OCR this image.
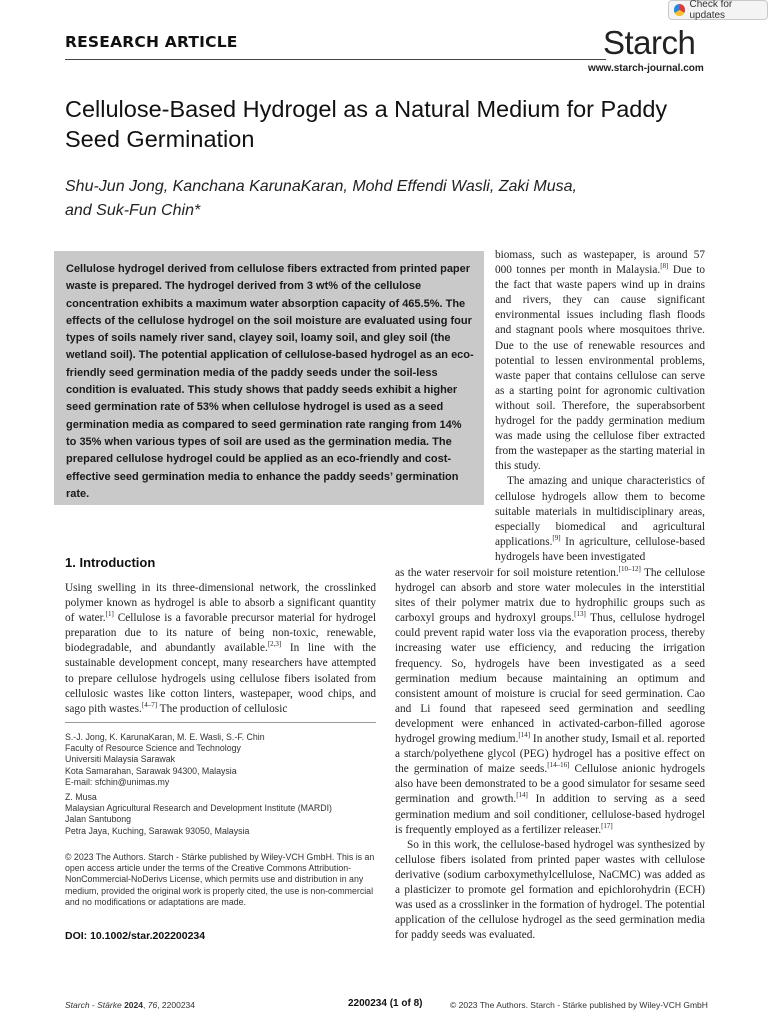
Check for updates
RESEARCH ARTICLE	Starch
www.starch-journal.com
Cellulose-Based Hydrogel as a Natural Medium for Paddy Seed Germination
Shu-Jun Jong, Kanchana KarunaKaran, Mohd Effendi Wasli, Zaki Musa,
and Suk-Fun Chin*
Cellulose hydrogel derived from cellulose fibers extracted from printed paper waste is prepared. The hydrogel derived from 3 wt% of the cellulose concentration exhibits a maximum water absorption capacity of 465.5%. The effects of the cellulose hydrogel on the soil moisture are evaluated using four types of soils namely river sand, clayey soil, loamy soil, and gley soil (the wetland soil). The potential application of cellulose-based hydrogel as an eco-friendly seed germination media of the paddy seeds under the soil-less condition is evaluated. This study shows that paddy seeds exhibit a higher seed germination rate of 53% when cellulose hydrogel is used as a seed germination media as compared to seed germination rate ranging from 14% to 35% when various types of soil are used as the germination media. The prepared cellulose hydrogel could be applied as an eco-friendly and cost-effective seed germination media to enhance the paddy seeds’ germination rate.
1. Introduction

Using swelling in its three-dimensional network, the crosslinked polymer known as hydrogel is able to absorb a significant quantity of water.[1] Cellulose is a favorable precursor material for hydrogel preparation due to its nature of being non-toxic, renewable, biodegradable, and abundantly available.[2,3] In line with the sustainable development concept, many researchers have attempted to prepare cellulose hydrogels using cellulose fibers isolated from cellulosic wastes like cotton linters, wastepaper, wood chips, and sago pith wastes.[4–7] The production of cellulosic

S.-J. Jong, K. KarunaKaran, M. E. Wasli, S.-F. Chin
Faculty of Resource Science and Technology
Universiti Malaysia Sarawak
Kota Samarahan, Sarawak 94300, Malaysia
E-mail: sfchin@unimas.my

Z. Musa
Malaysian Agricultural Research and Development Institute (MARDI)
Jalan Santubong
Petra Jaya, Kuching, Sarawak 93050, Malaysia

© 2023 The Authors. Starch - Stärke published by Wiley-VCH GmbH. This is an open access article under the terms of the Creative Commons Attribution-NonCommercial-NoDerivs License, which permits use and distribution in any medium, provided the original work is properly cited, the use is non-commercial and no modifications or adaptations are made.
DOI: 10.1002/star.202200234

biomass, such as wastepaper, is around 57 000 tonnes per month in Malaysia.[8] Due to the fact that waste papers wind up in drains and rivers, they can cause significant environmental issues including flash floods and stagnant pools where mosquitoes thrive. Due to the use of renewable resources and potential to lessen environmental problems, waste paper that contains cellulose can serve as a starting point for agronomic cultivation without soil. Therefore, the superabsorbent hydrogel for the paddy germination medium was made using the cellulose fiber extracted from the wastepaper as the starting material in this study.

The amazing and unique characteristics of cellulose hydrogels allow them to become suitable materials in multidisciplinary areas, especially biomedical and agricultural applications.[9] In agriculture, cellulose-based hydrogels have been investigated

as the water reservoir for soil moisture retention.[10–12] The cellulose hydrogel can absorb and store water molecules in the interstitial sites of their polymer matrix due to hydrophilic groups such as carboxyl groups and hydroxyl groups.[13] Thus, cellulose hydrogel could prevent rapid water loss via the evaporation process, thereby increasing water use efficiency, and reducing the irrigation frequency. So, hydrogels have been investigated as a seed germination medium because maintaining an optimum and consistent amount of moisture is crucial for seed germination. Cao and Li found that rapeseed seed germination and seedling development were enhanced in activated-carbon-filled agorose hydrogel growing medium.[14] In another study, Ismail et al. reported a starch/polyethene glycol (PEG) hydrogel has a positive effect on the germination of maize seeds.[14–16] Cellulose anionic hydrogels also have been demonstrated to be a good simulator for sesame seed germination and growth.[14] In addition to serving as a seed germination medium and soil conditioner, cellulose-based hydrogel is frequently employed as a fertilizer releaser.[17]

So in this work, the cellulose-based hydrogel was synthesized by cellulose fibers isolated from printed paper wastes with cellulose derivative (sodium carboxymethylcellulose, NaCMC) was added as a plasticizer to promote gel formation and epichlorohydrin (ECH) was used as a crosslinker in the formation of hydrogel. The potential application of the cellulose hydrogel as the seed germination media for paddy seeds was evaluated.

Starch - Stärke 2024, 76, 2200234	2200234 (1 of 8)	© 2023 The Authors. Starch - Stärke published by Wiley-VCH GmbH
